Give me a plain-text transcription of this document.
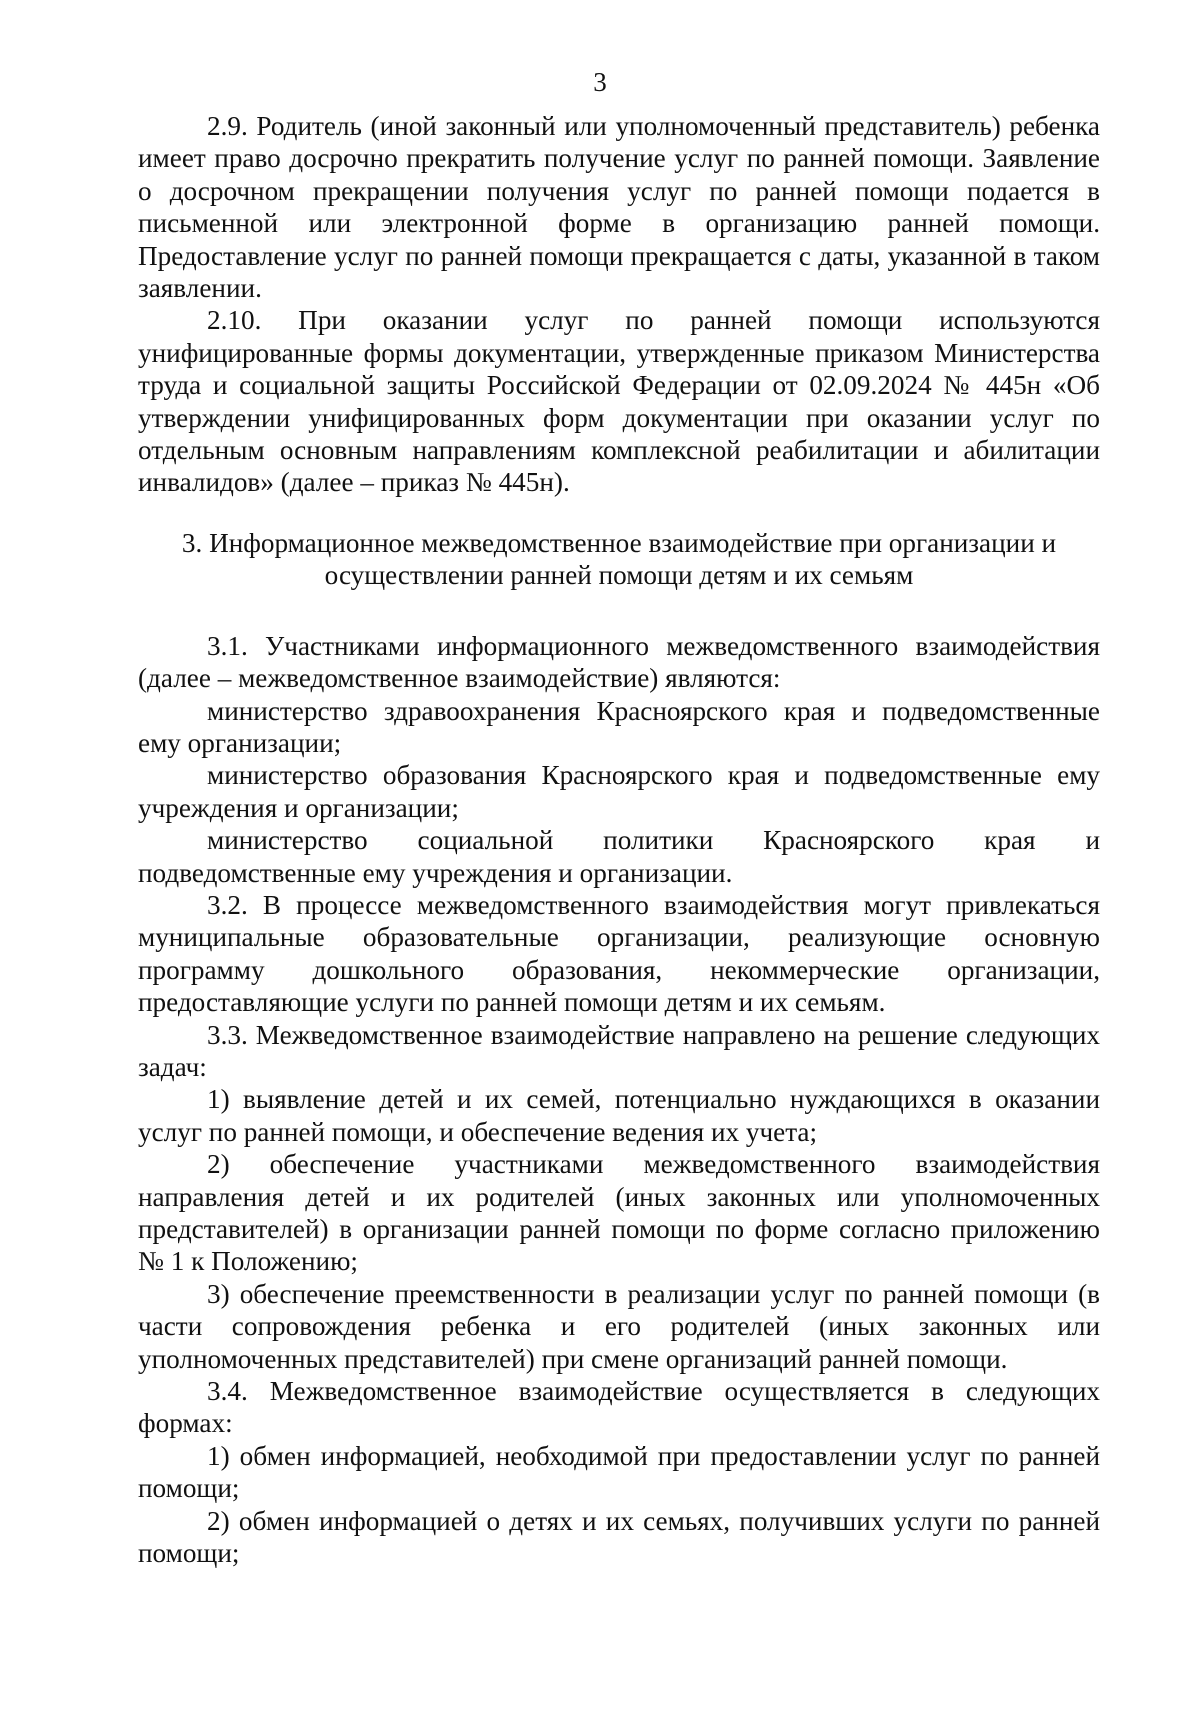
3

2.9. Родитель (иной законный или уполномоченный представитель) ребенка имеет право досрочно прекратить получение услуг по ранней помощи. Заявление о досрочном прекращении получения услуг по ранней помощи подается в письменной или электронной форме в организацию ранней помощи. Предоставление услуг по ранней помощи прекращается с даты, указанной в таком заявлении.

2.10. При оказании услуг по ранней помощи используются унифицированные формы документации, утвержденные приказом Министерства труда и социальной защиты Российской Федерации от 02.09.2024 № 445н «Об утверждении унифицированных форм документации при оказании услуг по отдельным основным направлениям комплексной реабилитации и абилитации инвалидов» (далее – приказ № 445н).

3. Информационное межведомственное взаимодействие при организации и осуществлении ранней помощи детям и их семьям

3.1. Участниками информационного межведомственного взаимодействия (далее – межведомственное взаимодействие) являются:

министерство здравоохранения Красноярского края и подведомственные ему организации;

министерство образования Красноярского края и подведомственные ему учреждения и организации;

министерство социальной политики Красноярского края и подведомственные ему учреждения и организации.

3.2. В процессе межведомственного взаимодействия могут привлекаться муниципальные образовательные организации, реализующие основную программу дошкольного образования, некоммерческие организации, предоставляющие услуги по ранней помощи детям и их семьям.

3.3. Межведомственное взаимодействие направлено на решение следующих задач:

1) выявление детей и их семей, потенциально нуждающихся в оказании услуг по ранней помощи, и обеспечение ведения их учета;

2) обеспечение участниками межведомственного взаимодействия направления детей и их родителей (иных законных или уполномоченных представителей) в организации ранней помощи по форме согласно приложению № 1 к Положению;

3) обеспечение преемственности в реализации услуг по ранней помощи (в части сопровождения ребенка и его родителей (иных законных или уполномоченных представителей) при смене организаций ранней помощи.

3.4. Межведомственное взаимодействие осуществляется в следующих формах:

1) обмен информацией, необходимой при предоставлении услуг по ранней помощи;

2) обмен информацией о детях и их семьях, получивших услуги по ранней помощи;
